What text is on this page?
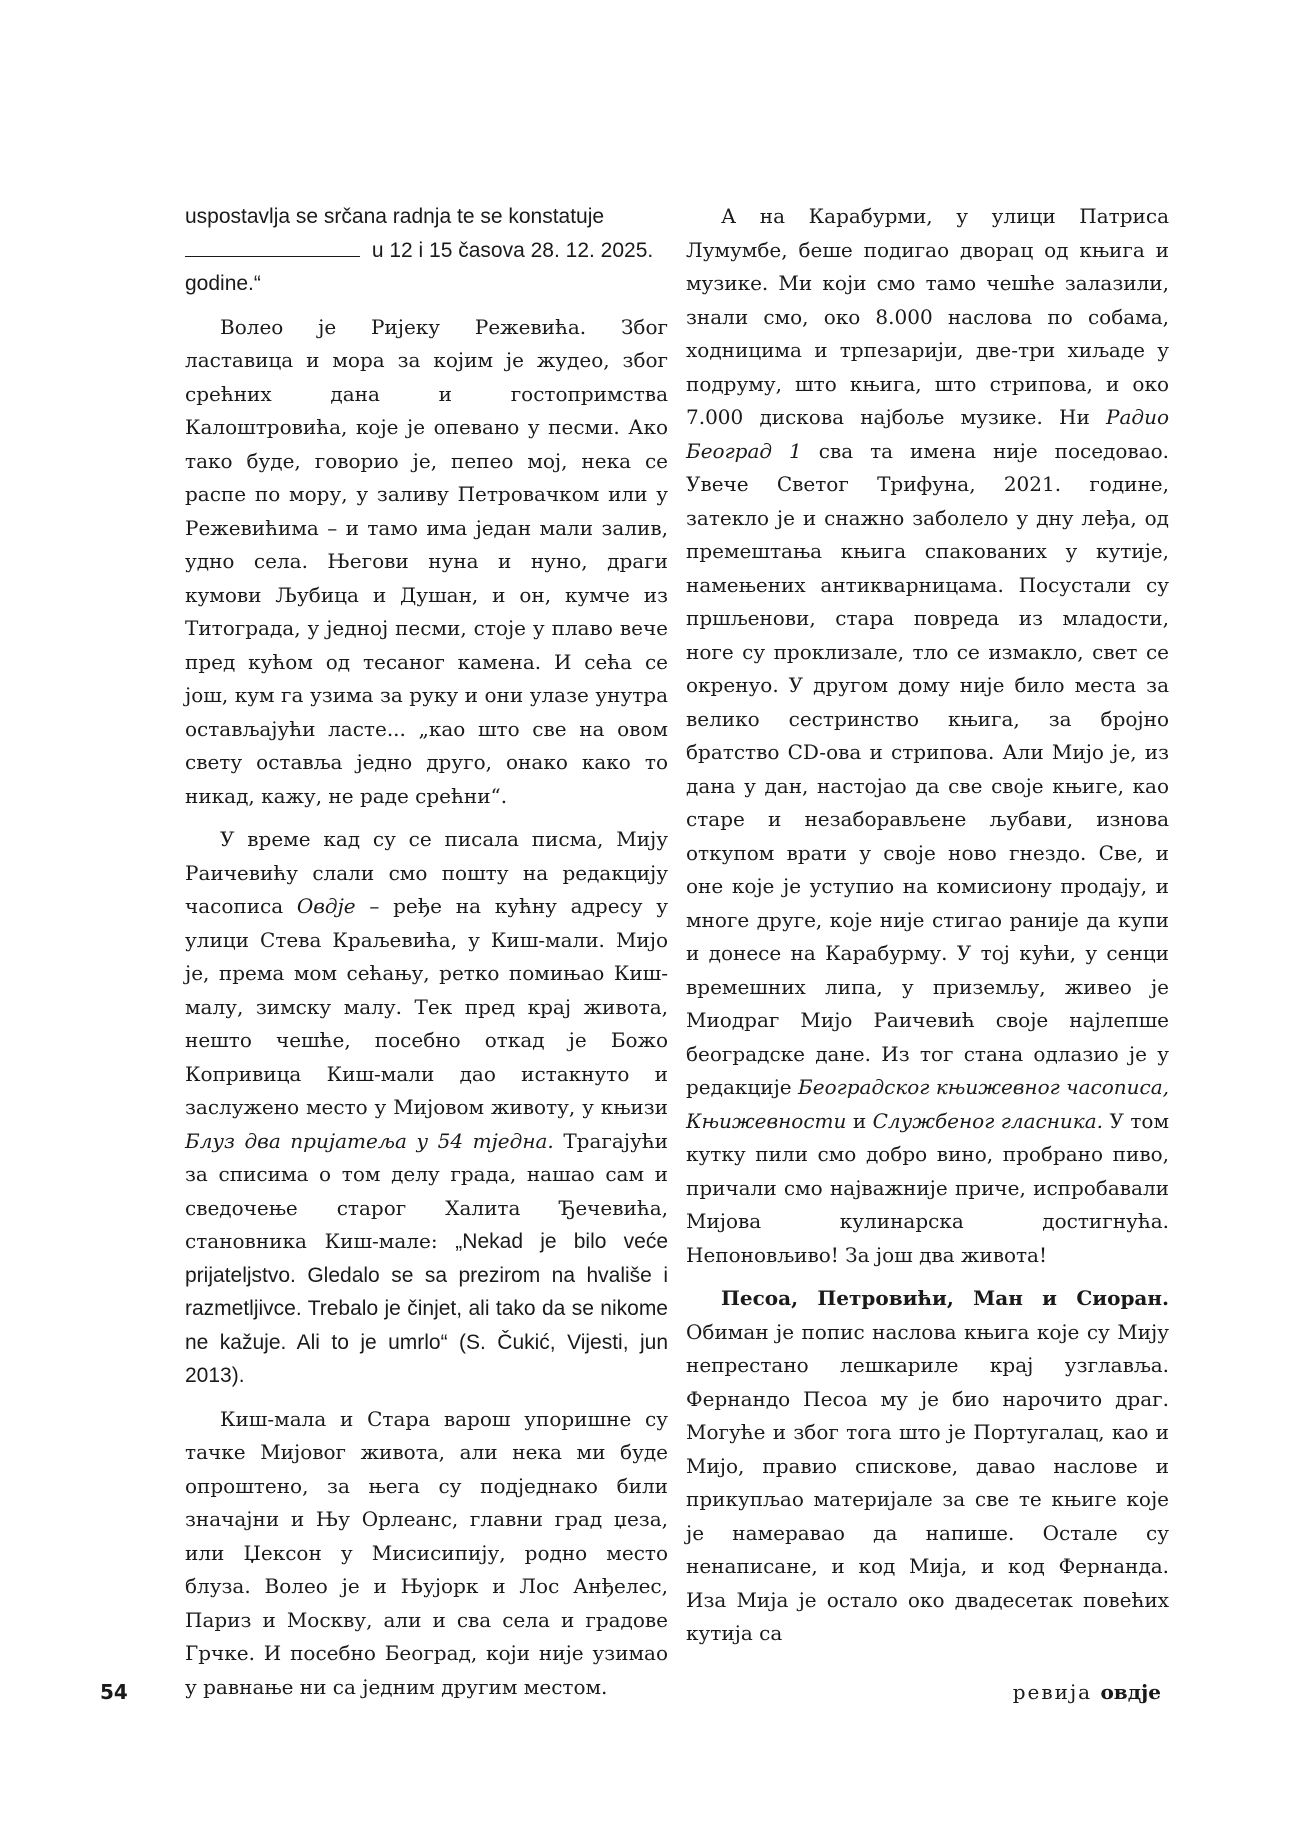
uspostavlja se srčana radnja te se konstatuje
u 12 i 15 časova 28. 12. 2025.
godine.“

Волео је Ријеку Режевића. Због ластавица и мора за којим је жудео, због срећних дана и гостопримства Калоштровића, које је опевано у песми. Ако тако буде, говорио је, пепео мој, нека се распе по мору, у заливу Петровачком или у Режевићима – и тамо има један мали залив, удно села. Његови нуна и нуно, драги кумови Љубица и Душан, и он, кумче из Титограда, у једној песми, стоје у плаво вече пред кућом од тесаног камена. И сећа се још, кум га узима за руку и они улазе унутра остављајући ласте... „као што све на овом свету оставља једно друго, онако како то никад, кажу, не раде срећни“.

У време кад су се писала писма, Мију Раичевићу слали смо пошту на редакцију часописа Овдје – ређе на кућну адресу у улици Стева Краљевића, у Киш-мали. Мијо је, према мом сећању, ретко помињао Киш-малу, зимску малу. Тек пред крај живота, нешто чешће, посебно откад је Божо Копривица Киш-мали дао истакнуто и заслужено место у Мијовом животу, у књизи Блуз два пријатеља у 54 тједна. Трагајући за списима о том делу града, нашао сам и сведочење старог Халита Ђечевића, становника Киш-мале: „Nekad je bilo veće prijateljstvo. Gledalo se sa prezirom na hvališe i razmetljivce. Trebalo je činjet, ali tako da se nikome ne kažuje. Ali to je umrlo“ (S. Čukić, Vijesti, jun 2013).

Киш-мала и Стара варош упоришне су тачке Мијовог живота, али нека ми буде опроштено, за њега су подједнако били значајни и Њу Орлеанс, главни град џеза, или Џексон у Мисисипију, родно место блуза. Волео је и Њујорк и Лос Анђелес, Париз и Москву, али и сва села и градове Грчке. И посебно Београд, који није узимао у равнање ни са једним другим местом.

А на Карабурми, у улици Патриса Лумумбе, беше подигао дворац од књига и музике. Ми који смо тамо чешће залазили, знали смо, око 8.000 наслова по собама, ходницима и трпезарији, две-три хиљаде у подруму, што књига, што стрипова, и око 7.000 дискова најбоље музике. Ни Радио Београд 1 сва та имена није поседовао. Увече Светог Трифуна, 2021. године, затекло је и снажно заболело у дну леђа, од премештања књига спакованих у кутије, намењених антикварницама. Посустали су пршљенови, стара повреда из младости, ноге су проклизале, тло се измакло, свет се окренуо. У другом дому није било места за велико сестринство књига, за бројно братство CD-ова и стрипова. Али Мијо је, из дана у дан, настојао да све своје књиге, као старе и незаборављене љубави, изнова откупом врати у своје ново гнездо. Све, и оне које је уступио на комисиону продају, и многе друге, које није стигао раније да купи и донесе на Карабурму. У тој кући, у сенци времешних липа, у приземљу, живео је Миодраг Мијо Раичевић своје најлепше београдске дане. Из тог стана одлазио је у редакције Београдског књижевног часописа, Књижевности и Службеног гласника. У том кутку пили смо добро вино, пробрано пиво, причали смо најважније приче, испробавали Мијова кулинарска достигнућа. Непоновљиво! За још два живота!

Песоа, Петровићи, Ман и Сиоран. Обиман је попис наслова књига које су Мију непрестано лешкариле крај узглавља. Фернандо Песоа му је био нарочито драг. Могуће и због тога што је Португалац, као и Мијо, правио спискове, давао наслове и прикупљао материјале за све те књиге које је намеравао да напише. Остале су ненаписане, и код Мија, и код Фернанда. Иза Мија је остало око двадесетак повећих кутија са

54	ревија овдје
